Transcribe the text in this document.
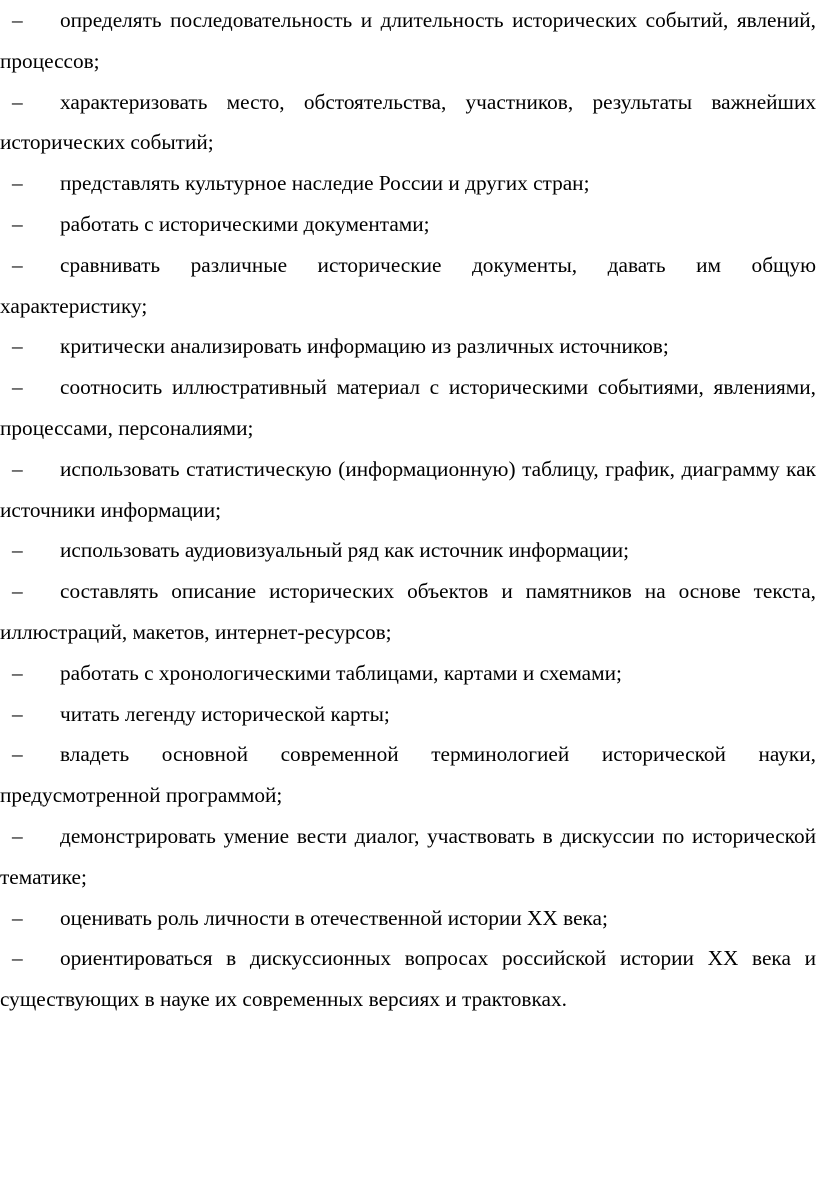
– определять последовательность и длительность исторических событий, явлений, процессов;
– характеризовать место, обстоятельства, участников, результаты важнейших исторических событий;
– представлять культурное наследие России и других стран;
– работать с историческими документами;
– сравнивать различные исторические документы, давать им общую характеристику;
– критически анализировать информацию из различных источников;
– соотносить иллюстративный материал с историческими событиями, явлениями, процессами, персоналиями;
– использовать статистическую (информационную) таблицу, график, диаграмму как источники информации;
– использовать аудиовизуальный ряд как источник информации;
– составлять описание исторических объектов и памятников на основе текста, иллюстраций, макетов, интернет-ресурсов;
– работать с хронологическими таблицами, картами и схемами;
– читать легенду исторической карты;
– владеть основной современной терминологией исторической науки, предусмотренной программой;
– демонстрировать умение вести диалог, участвовать в дискуссии по исторической тематике;
– оценивать роль личности в отечественной истории XX века;
– ориентироваться в дискуссионных вопросах российской истории XX века и существующих в науке их современных версиях и трактовках.
